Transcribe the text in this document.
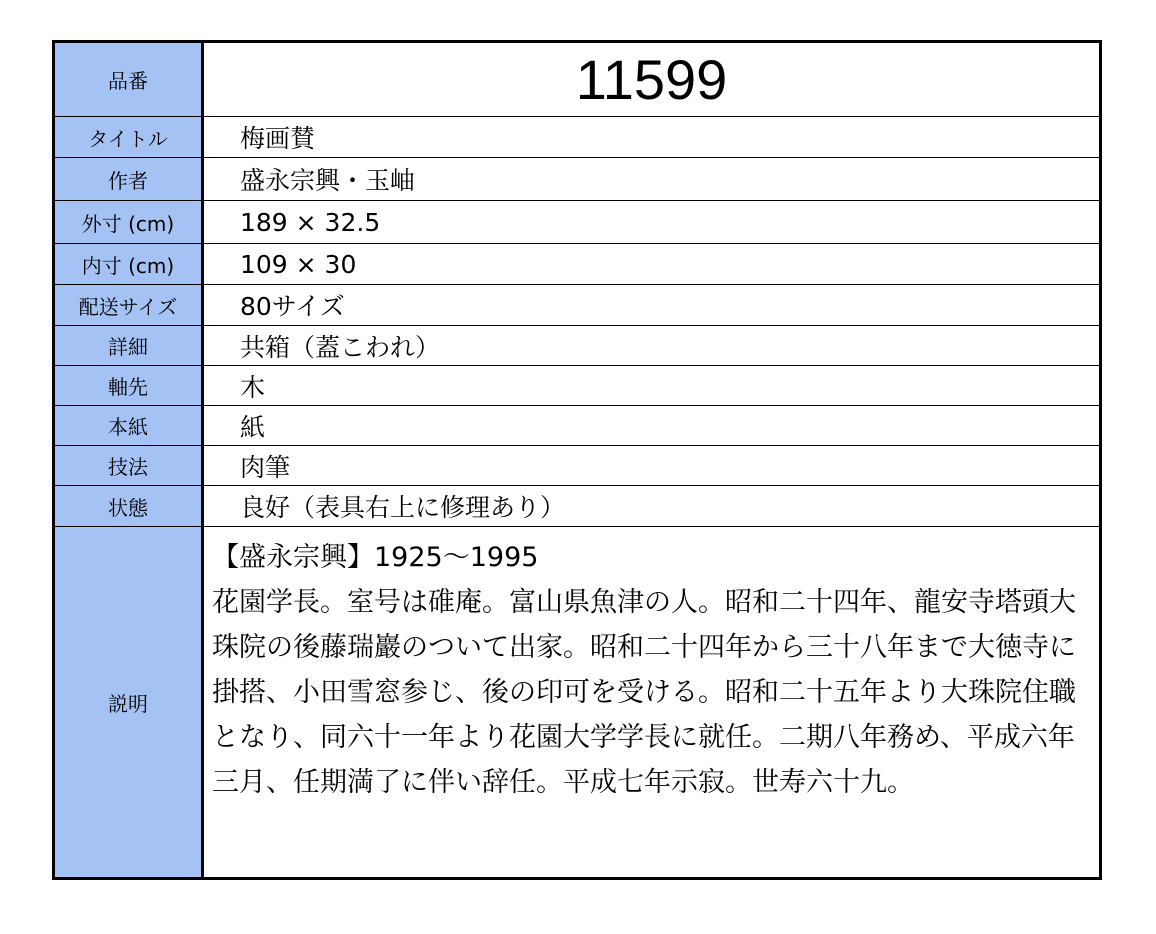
品番	11599
タイトル	梅画賛
作者	盛永宗興・玉岫
外寸 (cm)	189 × 32.5
内寸 (cm)	109 × 30
配送サイズ	80サイズ
詳細	共箱（蓋こわれ）
軸先	木
本紙	紙
技法	肉筆
状態	良好（表具右上に修理あり）
説明	【盛永宗興】1925〜1995
花園学長。室号は碓庵。富山県魚津の人。昭和二十四年、龍安寺塔頭大珠院の後藤瑞巖のついて出家。昭和二十四年から三十八年まで大徳寺に掛搭、小田雪窓参じ、後の印可を受ける。昭和二十五年より大珠院住職となり、同六十一年より花園大学学長に就任。二期八年務め、平成六年三月、任期満了に伴い辞任。平成七年示寂。世寿六十九。
